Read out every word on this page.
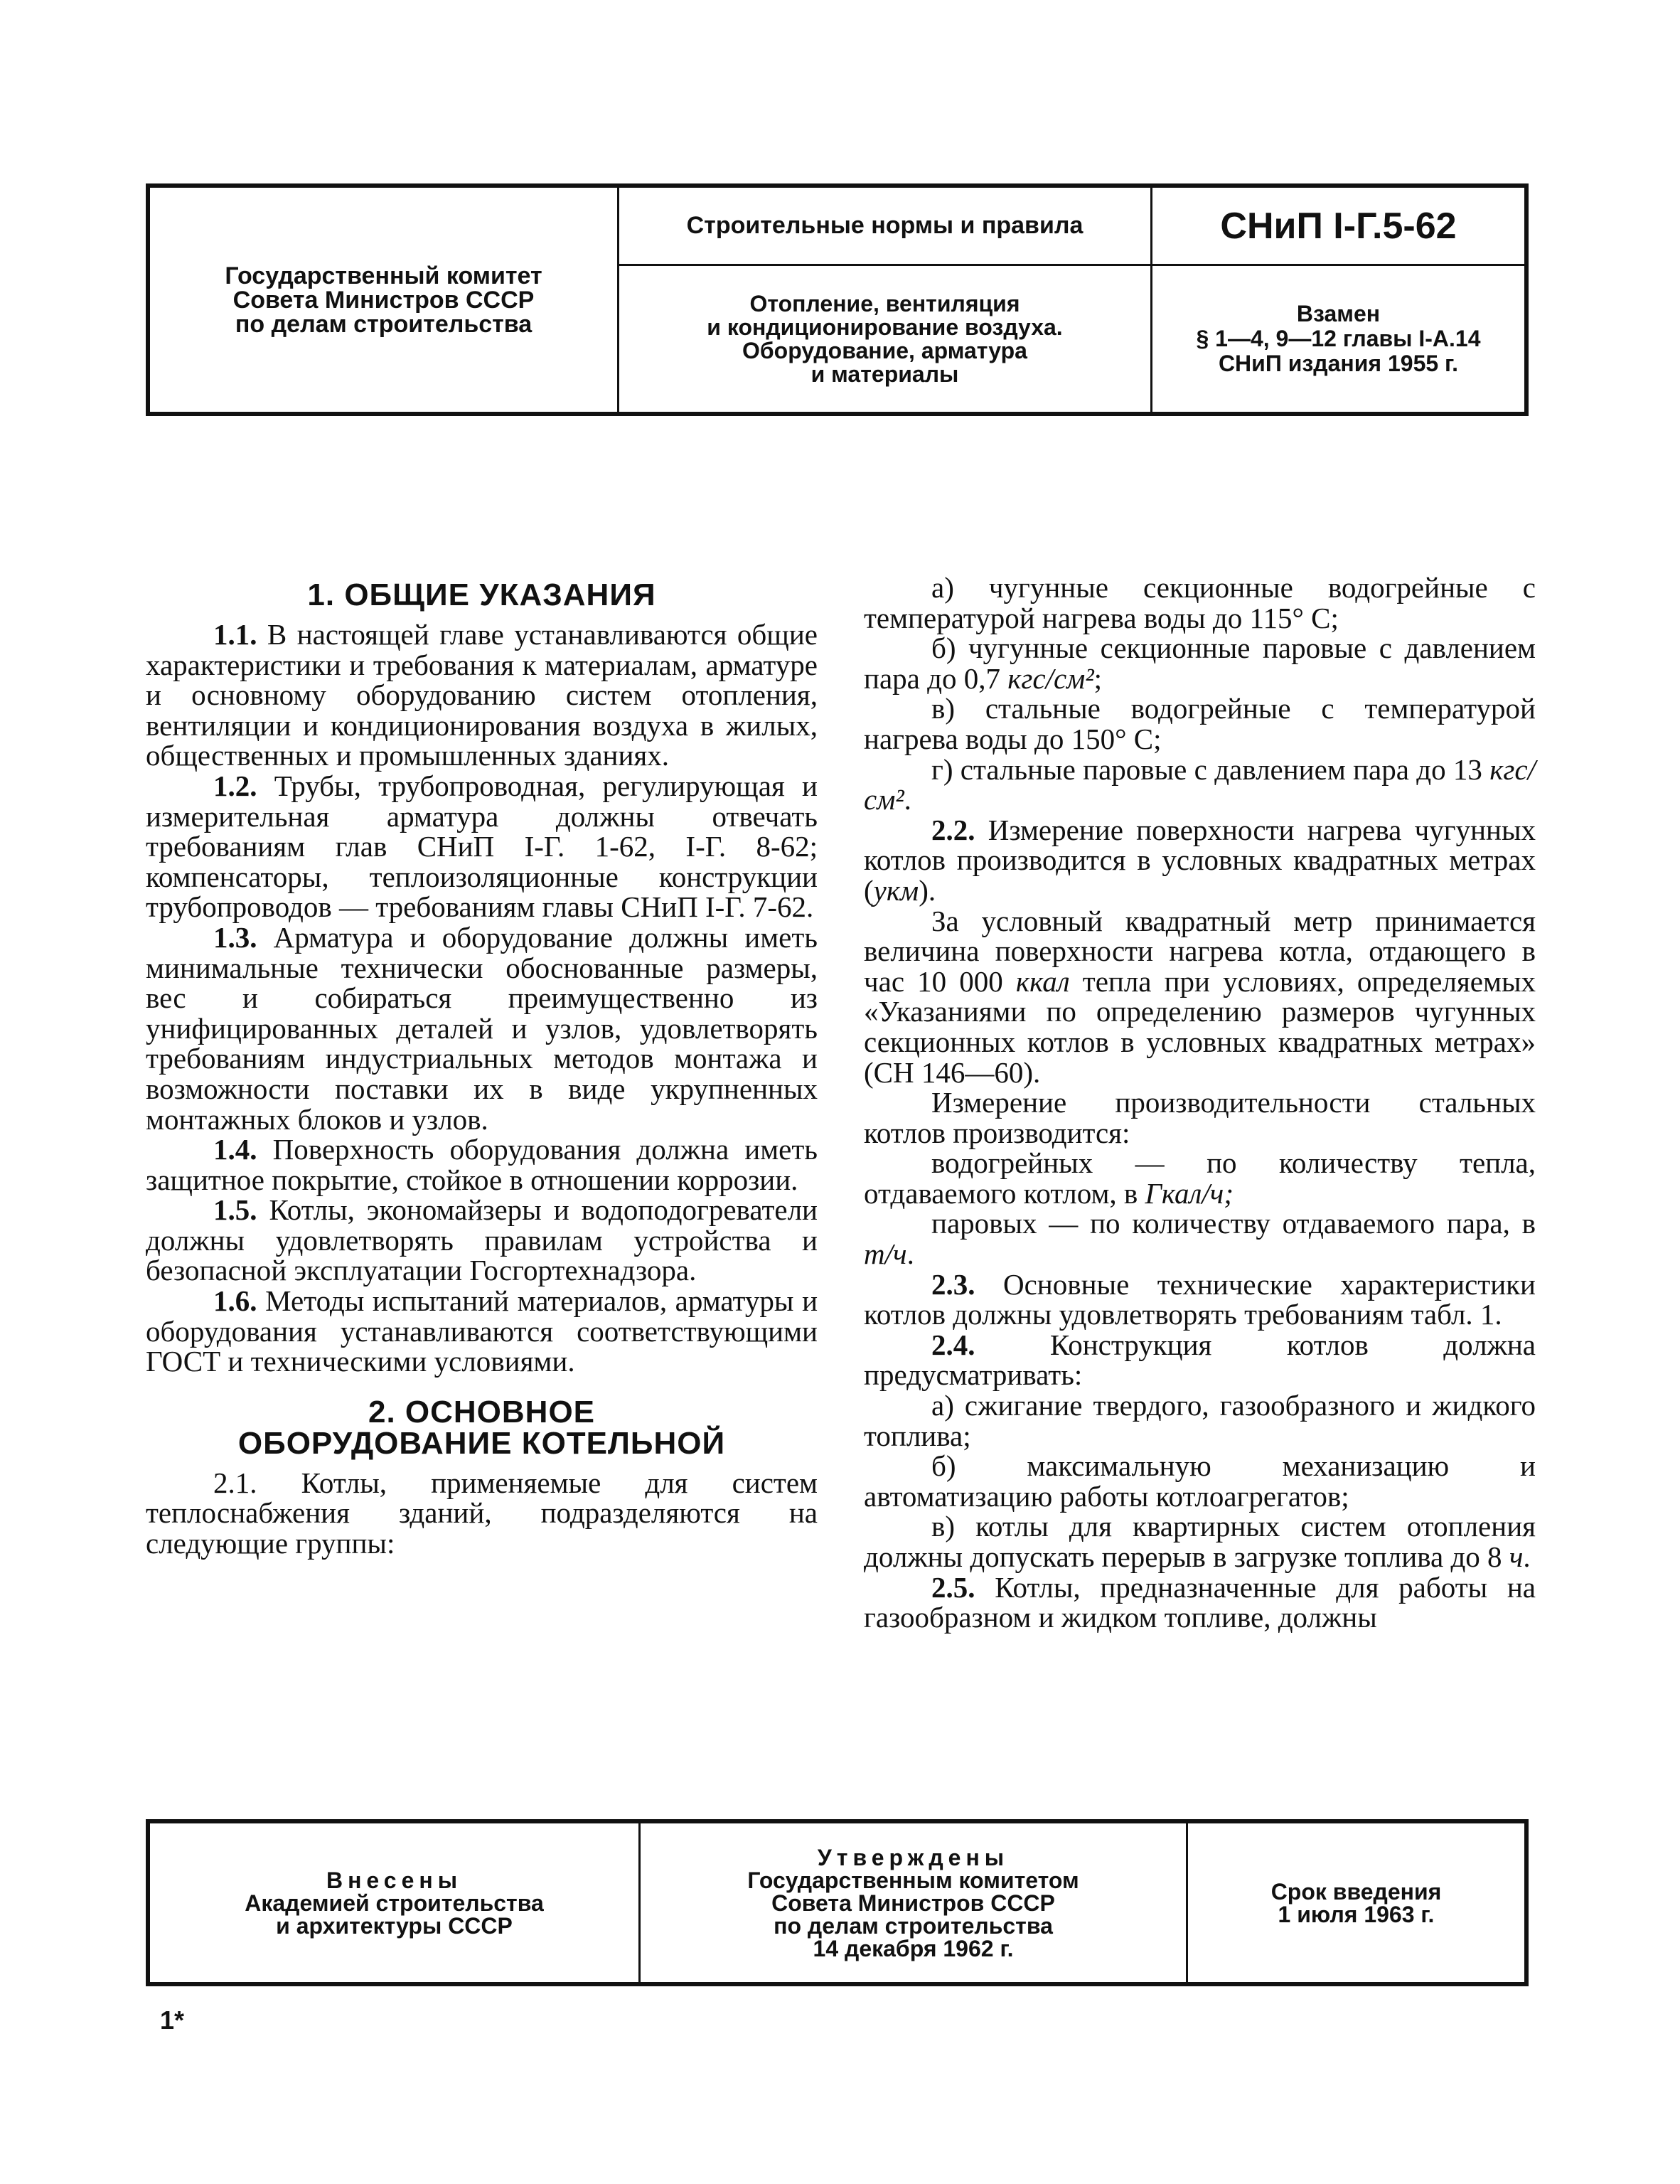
Государственный комитет
Совета Министров СССР
по делам строительства
Строительные нормы и правила
Отопление, вентиляция
и кондиционирование воздуха.
Оборудование, арматура
и материалы
СНиП I-Г.5-62
Взамен
§ 1—4, 9—12 главы I-А.14
СНиП издания 1955 г.
1. ОБЩИЕ УКАЗАНИЯ

1.1. В настоящей главе устанавливаются общие характеристики и требования к материалам, арматуре и основному оборудованию систем отопления, вентиляции и кондиционирования воздуха в жилых, общественных и промышленных зданиях.

1.2. Трубы, трубопроводная, регулирующая и измерительная арматура должны отвечать требованиям глав СНиП I-Г. 1-62, I-Г. 8-62; компенсаторы, теплоизоляционные конструкции трубопроводов — требованиям главы СНиП I-Г. 7-62.

1.3. Арматура и оборудование должны иметь минимальные технически обоснованные размеры, вес и собираться преимущественно из унифицированных деталей и узлов, удовлетворять требованиям индустриальных методов монтажа и возможности поставки их в виде укрупненных монтажных блоков и узлов.

1.4. Поверхность оборудования должна иметь защитное покрытие, стойкое в отношении коррозии.

1.5. Котлы, экономайзеры и водоподогреватели должны удовлетворять правилам устройства и безопасной эксплуатации Госгортехнадзора.

1.6. Методы испытаний материалов, арматуры и оборудования устанавливаются соответствующими ГОСТ и техническими условиями.

2. ОСНОВНОЕ ОБОРУДОВАНИЕ КОТЕЛЬНОЙ

2.1. Котлы, применяемые для систем теплоснабжения зданий, подразделяются на следующие группы:

а) чугунные секционные водогрейные с температурой нагрева воды до 115° С;

б) чугунные секционные паровые с давлением пара до 0,7 кгс/см²;

в) стальные водогрейные с температурой нагрева воды до 150° С;

г) стальные паровые с давлением пара до 13 кгс/см².

2.2. Измерение поверхности нагрева чугунных котлов производится в условных квадратных метрах (укм).

За условный квадратный метр принимается величина поверхности нагрева котла, отдающего в час 10 000 ккал тепла при условиях, определяемых «Указаниями по определению размеров чугунных секционных котлов в условных квадратных метрах» (СН 146—60).

Измерение производительности стальных котлов производится:

водогрейных — по количеству тепла, отдаваемого котлом, в Гкал/ч;

паровых — по количеству отдаваемого пара, в т/ч.

2.3. Основные технические характеристики котлов должны удовлетворять требованиям табл. 1.

2.4.	Конструкция котлов должна предусматривать:

а) сжигание твердого, газообразного и жидкого топлива;

б) максимальную механизацию и автоматизацию работы котлоагрегатов;

в) котлы для квартирных систем отопления должны допускать перерыв в загрузке топлива до 8 ч.

2.5. Котлы, предназначенные для работы на газообразном и жидком топливе, должны

Внесены
Академией строительства
и архитектуры СССР
Утверждены
Государственным комитетом
Совета Министров СССР
по делам строительства
14 декабря 1962 г.
Срок введения
1 июля 1963 г.
1*
